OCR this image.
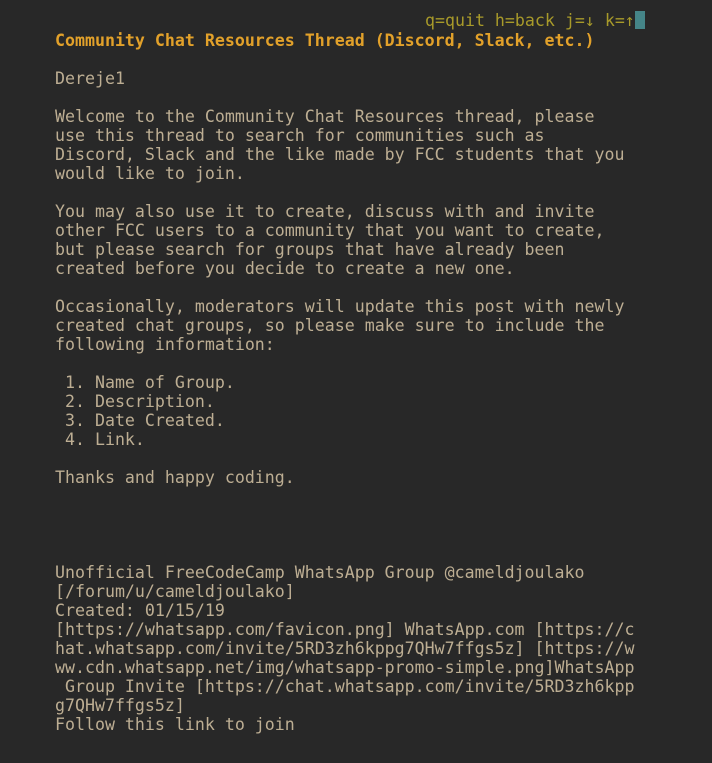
q=quit h=back j=↓ k=↑
Community Chat Resources Thread (Discord, Slack, etc.)
Dereje1
Welcome to the Community Chat Resources thread, please
use this thread to search for communities such as
Discord, Slack and the like made by FCC students that you
would like to join.
You may also use it to create, discuss with and invite
other FCC users to a community that you want to create,
but please search for groups that have already been
created before you decide to create a new one.
Occasionally, moderators will update this post with newly
created chat groups, so please make sure to include the
following information:
1. Name of Group.
2. Description.
3. Date Created.
4. Link.
Thanks and happy coding.
Unofficial FreeCodeCamp WhatsApp Group @cameldjoulako
[/forum/u/cameldjoulako]
Created: 01/15/19
[https://whatsapp.com/favicon.png] WhatsApp.com [https://c
hat.whatsapp.com/invite/5RD3zh6kppg7QHw7ffgs5z] [https://w
ww.cdn.whatsapp.net/img/whatsapp-promo-simple.png]WhatsApp
Group Invite [https://chat.whatsapp.com/invite/5RD3zh6kpp
g7QHw7ffgs5z]
Follow this link to join
